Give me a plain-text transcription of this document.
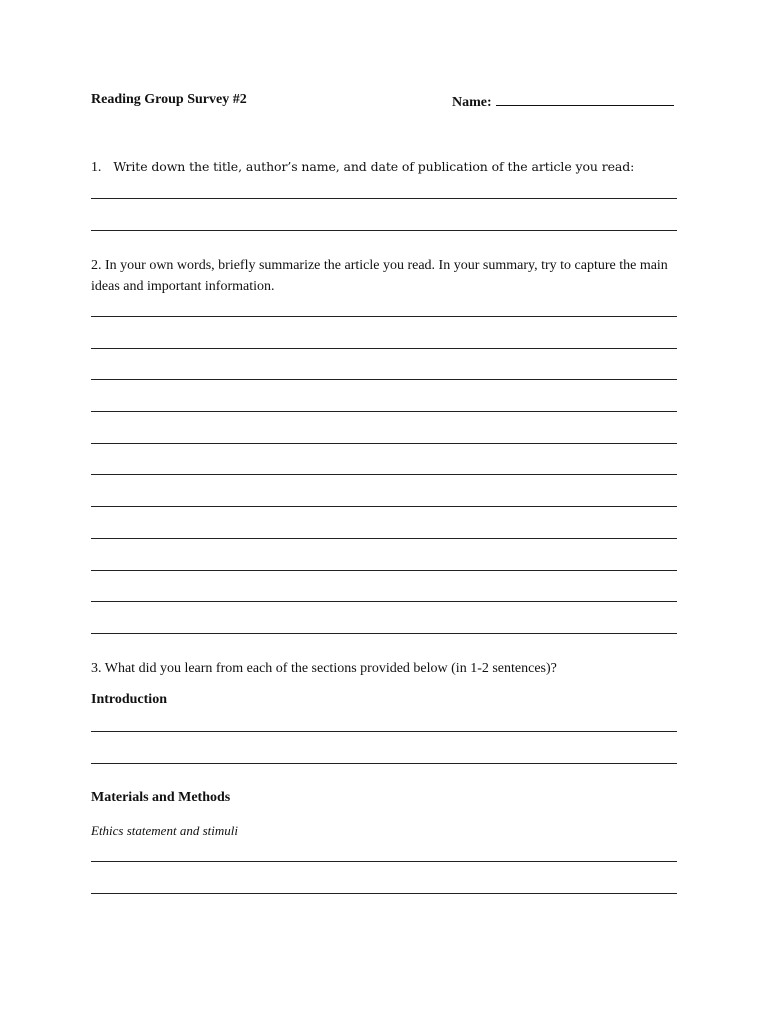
Reading Group Survey #2	Name:
1. Write down the title, author’s name, and date of publication of the article you read:
2. In your own words, briefly summarize the article you read. In your summary, try to capture the main ideas and important information.
3. What did you learn from each of the sections provided below (in 1-2 sentences)?
Introduction
Materials and Methods
Ethics statement and stimuli
